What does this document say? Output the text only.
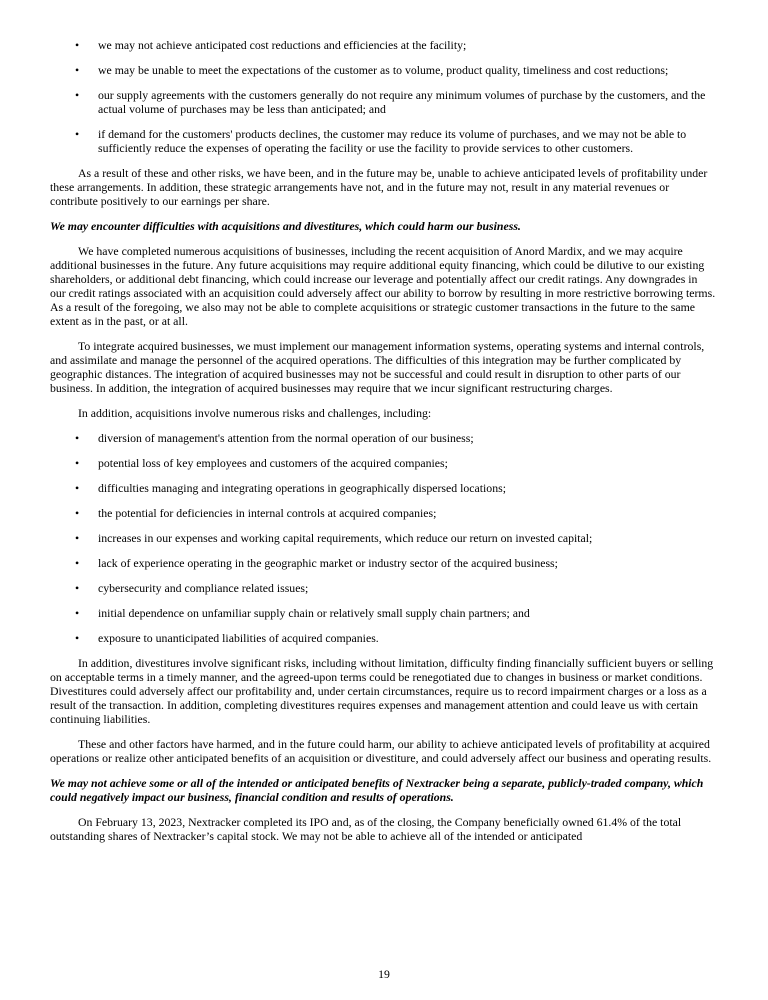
•	we may not achieve anticipated cost reductions and efficiencies at the facility;
•	we may be unable to meet the expectations of the customer as to volume, product quality, timeliness and cost reductions;
•	our supply agreements with the customers generally do not require any minimum volumes of purchase by the customers, and the actual volume of purchases may be less than anticipated; and
•	if demand for the customers' products declines, the customer may reduce its volume of purchases, and we may not be able to sufficiently reduce the expenses of operating the facility or use the facility to provide services to other customers.

As a result of these and other risks, we have been, and in the future may be, unable to achieve anticipated levels of profitability under these arrangements. In addition, these strategic arrangements have not, and in the future may not, result in any material revenues or contribute positively to our earnings per share.

We may encounter difficulties with acquisitions and divestitures, which could harm our business.

We have completed numerous acquisitions of businesses, including the recent acquisition of Anord Mardix, and we may acquire additional businesses in the future. Any future acquisitions may require additional equity financing, which could be dilutive to our existing shareholders, or additional debt financing, which could increase our leverage and potentially affect our credit ratings. Any downgrades in our credit ratings associated with an acquisition could adversely affect our ability to borrow by resulting in more restrictive borrowing terms. As a result of the foregoing, we also may not be able to complete acquisitions or strategic customer transactions in the future to the same extent as in the past, or at all.

To integrate acquired businesses, we must implement our management information systems, operating systems and internal controls, and assimilate and manage the personnel of the acquired operations. The difficulties of this integration may be further complicated by geographic distances. The integration of acquired businesses may not be successful and could result in disruption to other parts of our business. In addition, the integration of acquired businesses may require that we incur significant restructuring charges.

In addition, acquisitions involve numerous risks and challenges, including:

•	diversion of management's attention from the normal operation of our business;
•	potential loss of key employees and customers of the acquired companies;
•	difficulties managing and integrating operations in geographically dispersed locations;
•	the potential for deficiencies in internal controls at acquired companies;
•	increases in our expenses and working capital requirements, which reduce our return on invested capital;
•	lack of experience operating in the geographic market or industry sector of the acquired business;
•	cybersecurity and compliance related issues;
•	initial dependence on unfamiliar supply chain or relatively small supply chain partners; and
•	exposure to unanticipated liabilities of acquired companies.

In addition, divestitures involve significant risks, including without limitation, difficulty finding financially sufficient buyers or selling on acceptable terms in a timely manner, and the agreed-upon terms could be renegotiated due to changes in business or market conditions. Divestitures could adversely affect our profitability and, under certain circumstances, require us to record impairment charges or a loss as a result of the transaction. In addition, completing divestitures requires expenses and management attention and could leave us with certain continuing liabilities.

These and other factors have harmed, and in the future could harm, our ability to achieve anticipated levels of profitability at acquired operations or realize other anticipated benefits of an acquisition or divestiture, and could adversely affect our business and operating results.

We may not achieve some or all of the intended or anticipated benefits of Nextracker being a separate, publicly-traded company, which could negatively impact our business, financial condition and results of operations.

On February 13, 2023, Nextracker completed its IPO and, as of the closing, the Company beneficially owned 61.4% of the total outstanding shares of Nextracker’s capital stock. We may not be able to achieve all of the intended or anticipated

19
